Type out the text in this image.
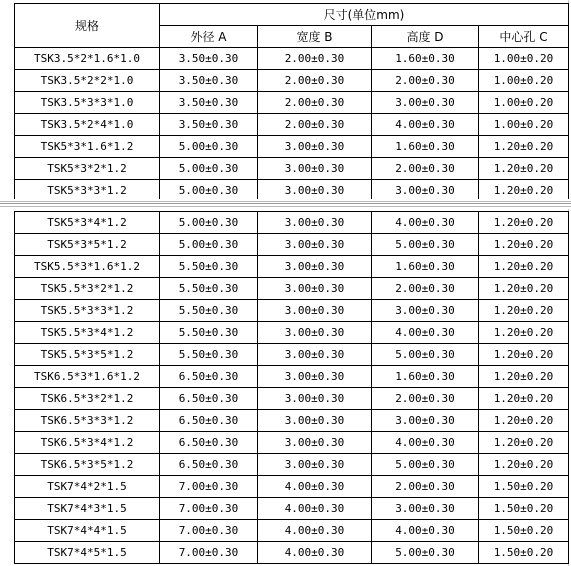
规格	尺寸(单位mm)			
	外径 A	宽度 B	高度 D	中心孔 C
TSK3.5*2*1.6*1.0	3.50±0.30	2.00±0.30	1.60±0.30	1.00±0.20
TSK3.5*2*2*1.0	3.50±0.30	2.00±0.30	2.00±0.30	1.00±0.20
TSK3.5*3*3*1.0	3.50±0.30	2.00±0.30	3.00±0.30	1.00±0.20
TSK3.5*2*4*1.0	3.50±0.30	2.00±0.30	4.00±0.30	1.00±0.20
TSK5*3*1.6*1.2	5.00±0.30	3.00±0.30	1.60±0.30	1.20±0.20
TSK5*3*2*1.2	5.00±0.30	3.00±0.30	2.00±0.30	1.20±0.20
TSK5*3*3*1.2	5.00±0.30	3.00±0.30	3.00±0.30	1.20±0.20
TSK5*3*4*1.2	5.00±0.30	3.00±0.30	4.00±0.30	1.20±0.20
TSK5*3*5*1.2	5.00±0.30	3.00±0.30	5.00±0.30	1.20±0.20
TSK5.5*3*1.6*1.2	5.50±0.30	3.00±0.30	1.60±0.30	1.20±0.20
TSK5.5*3*2*1.2	5.50±0.30	3.00±0.30	2.00±0.30	1.20±0.20
TSK5.5*3*3*1.2	5.50±0.30	3.00±0.30	3.00±0.30	1.20±0.20
TSK5.5*3*4*1.2	5.50±0.30	3.00±0.30	4.00±0.30	1.20±0.20
TSK5.5*3*5*1.2	5.50±0.30	3.00±0.30	5.00±0.30	1.20±0.20
TSK6.5*3*1.6*1.2	6.50±0.30	3.00±0.30	1.60±0.30	1.20±0.20
TSK6.5*3*2*1.2	6.50±0.30	3.00±0.30	2.00±0.30	1.20±0.20
TSK6.5*3*3*1.2	6.50±0.30	3.00±0.30	3.00±0.30	1.20±0.20
TSK6.5*3*4*1.2	6.50±0.30	3.00±0.30	4.00±0.30	1.20±0.20
TSK6.5*3*5*1.2	6.50±0.30	3.00±0.30	5.00±0.30	1.20±0.20
TSK7*4*2*1.5	7.00±0.30	4.00±0.30	2.00±0.30	1.50±0.20
TSK7*4*3*1.5	7.00±0.30	4.00±0.30	3.00±0.30	1.50±0.20
TSK7*4*4*1.5	7.00±0.30	4.00±0.30	4.00±0.30	1.50±0.20
TSK7*4*5*1.5	7.00±0.30	4.00±0.30	5.00±0.30	1.50±0.20
